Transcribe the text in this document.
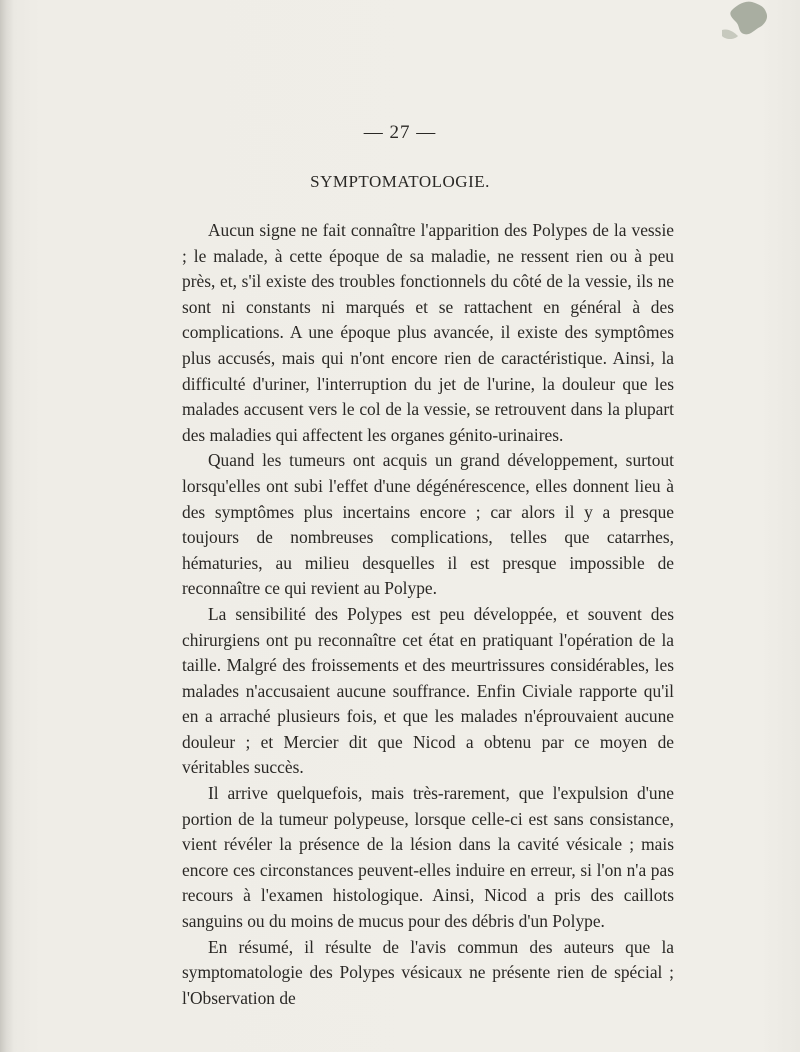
— 27 —
SYMPTOMATOLOGIE.

Aucun signe ne fait connaître l'apparition des Polypes de la vessie ; le malade, à cette époque de sa maladie, ne ressent rien ou à peu près, et, s'il existe des troubles fonctionnels du côté de la vessie, ils ne sont ni constants ni marqués et se rattachent en général à des complications. A une époque plus avancée, il existe des symptômes plus accusés, mais qui n'ont encore rien de caractéristique. Ainsi, la difficulté d'uriner, l'interruption du jet de l'urine, la douleur que les malades accusent vers le col de la vessie, se retrouvent dans la plupart des maladies qui affectent les organes génito-urinaires.

Quand les tumeurs ont acquis un grand développement, surtout lorsqu'elles ont subi l'effet d'une dégénérescence, elles donnent lieu à des symptômes plus incertains encore ; car alors il y a presque toujours de nombreuses complications, telles que catarrhes, hématuries, au milieu desquelles il est presque impossible de reconnaître ce qui revient au Polype.

La sensibilité des Polypes est peu développée, et souvent des chirurgiens ont pu reconnaître cet état en pratiquant l'opération de la taille. Malgré des froissements et des meurtrissures considérables, les malades n'accusaient aucune souffrance. Enfin Civiale rapporte qu'il en a arraché plusieurs fois, et que les malades n'éprouvaient aucune douleur ; et Mercier dit que Nicod a obtenu par ce moyen de véritables succès.

Il arrive quelquefois, mais très-rarement, que l'expulsion d'une portion de la tumeur polypeuse, lorsque celle-ci est sans consistance, vient révéler la présence de la lésion dans la cavité vésicale ; mais encore ces circonstances peuvent-elles induire en erreur, si l'on n'a pas recours à l'examen histologique. Ainsi, Nicod a pris des caillots sanguins ou du moins de mucus pour des débris d'un Polype.

En résumé, il résulte de l'avis commun des auteurs que la symptomatologie des Polypes vésicaux ne présente rien de spécial ; l'Observation de
